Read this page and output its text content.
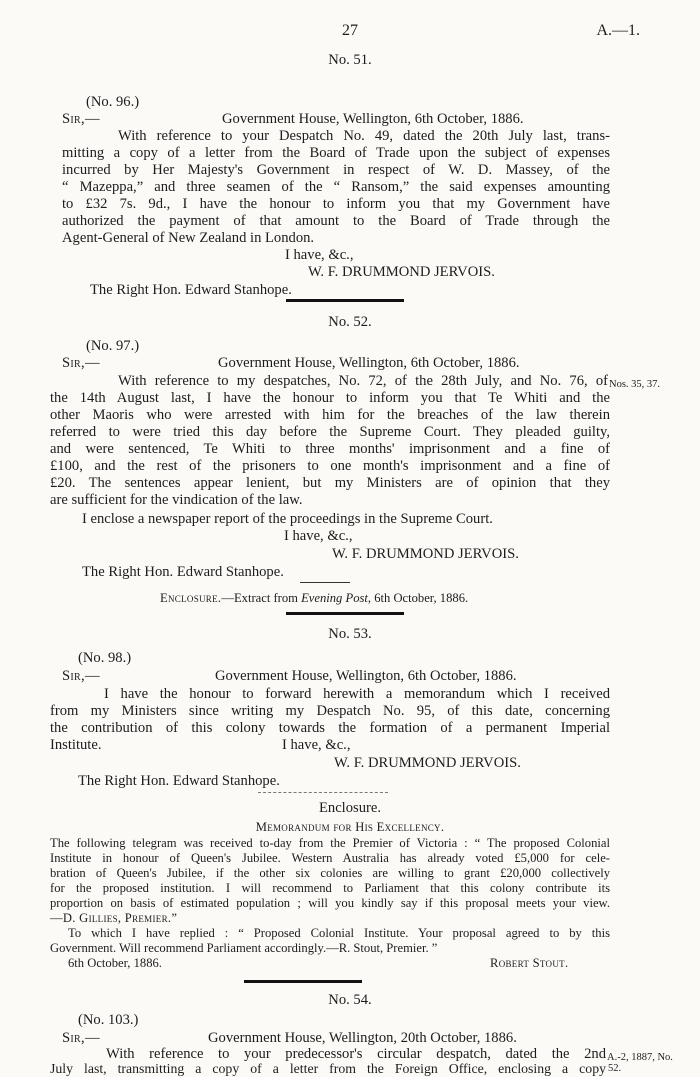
27	A.—1.
No. 51.
(No. 96.)
Sir,—	Government House, Wellington, 6th October, 1886.
With reference to your Despatch No. 49, dated the 20th July last, trans-
mitting a copy of a letter from the Board of Trade upon the subject of expenses
incurred by Her Majesty's Government in respect of W. D. Massey, of the
“ Mazeppa,” and three seamen of the “ Ransom,” the said expenses amounting
to £32 7s. 9d., I have the honour to inform you that my Government have
authorized the payment of that amount to the Board of Trade through the
Agent-General of New Zealand in London.
I have, &c.,
W. F. DRUMMOND JERVOIS.
The Right Hon. Edward Stanhope.
No. 52.
(No. 97.)
Sir,—	Government House, Wellington, 6th October, 1886.
With reference to my despatches, No. 72, of the 28th July, and No. 76, of Nos. 35, 37.
the 14th August last, I have the honour to inform you that Te Whiti and the
other Maoris who were arrested with him for the breaches of the law therein
referred to were tried this day before the Supreme Court. They pleaded guilty,
and were sentenced, Te Whiti to three months' imprisonment and a fine of
£100, and the rest of the prisoners to one month's imprisonment and a fine of
£20. The sentences appear lenient, but my Ministers are of opinion that they
are sufficient for the vindication of the law.
I enclose a newspaper report of the proceedings in the Supreme Court.
I have, &c.,
W. F. DRUMMOND JERVOIS.
The Right Hon. Edward Stanhope.
Enclosure.—Extract from Evening Post, 6th October, 1886.
No. 53.
(No. 98.)
Sir,—	Government House, Wellington, 6th October, 1886.
I have the honour to forward herewith a memorandum which I received
from my Ministers since writing my Despatch No. 95, of this date, concerning
the contribution of this colony towards the formation of a permanent Imperial
Institute.	I have, &c.,
W. F. DRUMMOND JERVOIS.
The Right Hon. Edward Stanhope.
Enclosure.
Memorandum for His Excellency.
The following telegram was received to-day from the Premier of Victoria : “ The proposed Colonial
Institute in honour of Queen's Jubilee. Western Australia has already voted £5,000 for cele-
bration of Queen's Jubilee, if the other six colonies are willing to grant £20,000 collectively
for the proposed institution. I will recommend to Parliament that this colony contribute its
proportion on basis of estimated population ; will you kindly say if this proposal meets your view.
—D. Gillies, Premier.”
To which I have replied : “ Proposed Colonial Institute. Your proposal agreed to by this
Government. Will recommend Parliament accordingly.—R. Stout, Premier. ”
6th October, 1886.	Robert Stout.
No. 54.
(No. 103.)
Sir,—	Government House, Wellington, 20th October, 1886.
With reference to your predecessor's circular despatch, dated the 2nd A.-2, 1887, No.
July last, transmitting a copy of a letter from the Foreign Office, enclosing a copy 52.
